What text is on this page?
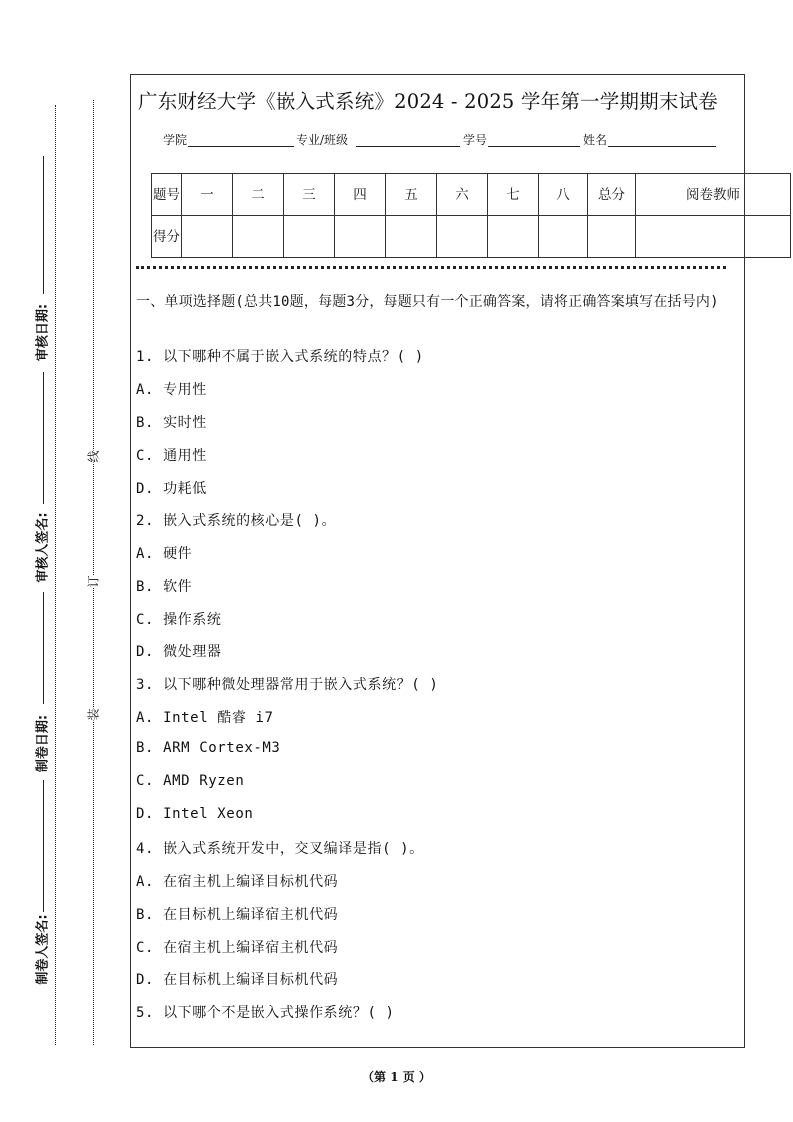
审核日期:
审核人签名:
制卷日期:
制卷人签名:
线
订
装
广东财经大学《嵌入式系统》2024 - 2025 学年第一学期期末试卷
学院	专业/班级	学号	姓名
题号	一	二	三	四	五	六	七	八	总分	阅卷教师
得分										
一、单项选择题(总共10题，每题3分，每题只有一个正确答案，请将正确答案填写在括号内)
1. 以下哪种不属于嵌入式系统的特点？( )
A. 专用性
B. 实时性
C. 通用性
D. 功耗低
2. 嵌入式系统的核心是( )。
A. 硬件
B. 软件
C. 操作系统
D. 微处理器
3. 以下哪种微处理器常用于嵌入式系统？( )
A. Intel 酷睿 i7
B. ARM Cortex-M3
C. AMD Ryzen
D. Intel Xeon
4. 嵌入式系统开发中，交叉编译是指( )。
A. 在宿主机上编译目标机代码
B. 在目标机上编译宿主机代码
C. 在宿主机上编译宿主机代码
D. 在目标机上编译目标机代码
5. 以下哪个不是嵌入式操作系统？( )
（第 1 页 ）
